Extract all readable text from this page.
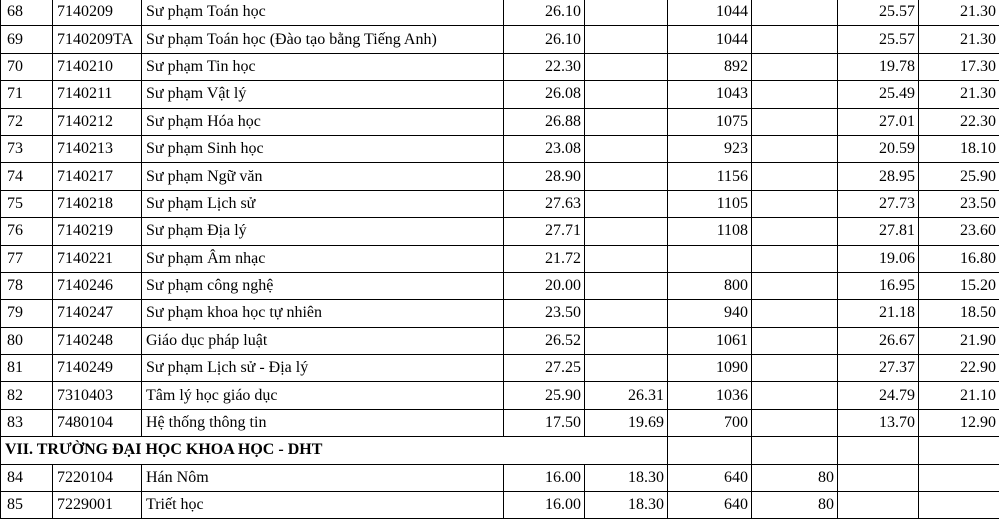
68	7140209	Sư phạm Toán học	26.10		1044		25.57	21.30
69	7140209TA	Sư phạm Toán học (Đào tạo bằng Tiếng Anh)	26.10		1044		25.57	21.30
70	7140210	Sư phạm Tin học	22.30		892		19.78	17.30
71	7140211	Sư phạm Vật lý	26.08		1043		25.49	21.30
72	7140212	Sư phạm Hóa học	26.88		1075		27.01	22.30
73	7140213	Sư phạm Sinh học	23.08		923		20.59	18.10
74	7140217	Sư phạm Ngữ văn	28.90		1156		28.95	25.90
75	7140218	Sư phạm Lịch sử	27.63		1105		27.73	23.50
76	7140219	Sư phạm Địa lý	27.71		1108		27.81	23.60
77	7140221	Sư phạm Âm nhạc	21.72				19.06	16.80
78	7140246	Sư phạm công nghệ	20.00		800		16.95	15.20
79	7140247	Sư phạm khoa học tự nhiên	23.50		940		21.18	18.50
80	7140248	Giáo dục pháp luật	26.52		1061		26.67	21.90
81	7140249	Sư phạm Lịch sử - Địa lý	27.25		1090		27.37	22.90
82	7310403	Tâm lý học giáo dục	25.90	26.31	1036		24.79	21.10
83	7480104	Hệ thống thông tin	17.50	19.69	700		13.70	12.90
VII. TRƯỜNG ĐẠI HỌC KHOA HỌC - DHT								
84	7220104	Hán Nôm	16.00	18.30	640	80		
85	7229001	Triết học	16.00	18.30	640	80		
